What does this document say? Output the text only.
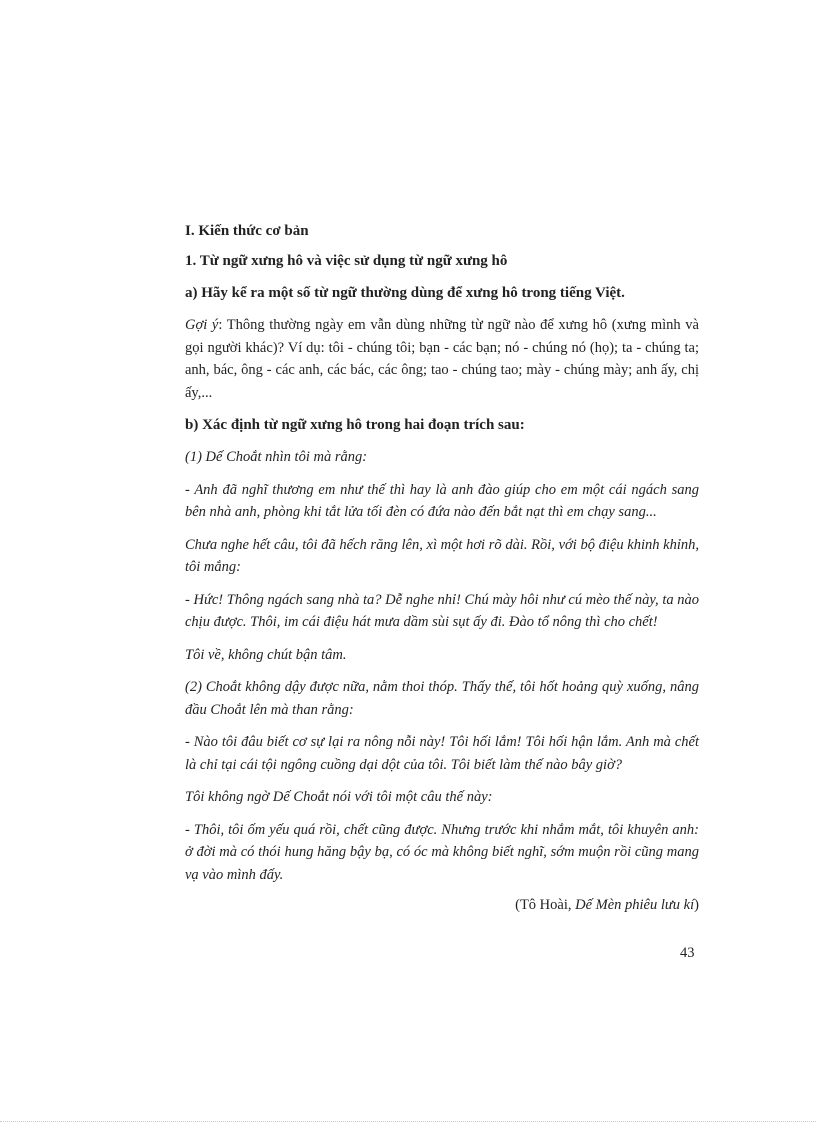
I. Kiến thức cơ bản
1. Từ ngữ xưng hô và việc sử dụng từ ngữ xưng hô
a) Hãy kể ra một số từ ngữ thường dùng để xưng hô trong tiếng Việt.

Gợi ý: Thông thường ngày em vẫn dùng những từ ngữ nào để xưng hô (xưng mình và gọi người khác)? Ví dụ: tôi - chúng tôi; bạn - các bạn; nó - chúng nó (họ); ta - chúng ta; anh, bác, ông - các anh, các bác, các ông; tao - chúng tao; mày - chúng mày; anh ấy, chị ấy,...

b) Xác định từ ngữ xưng hô trong hai đoạn trích sau:

(1) Dế Choắt nhìn tôi mà rằng:

- Anh đã nghĩ thương em như thế thì hay là anh đào giúp cho em một cái ngách sang bên nhà anh, phòng khi tắt lửa tối đèn có đứa nào đến bắt nạt thì em chạy sang...

Chưa nghe hết câu, tôi đã hếch răng lên, xì một hơi rõ dài. Rồi, với bộ điệu khinh khỉnh, tôi mắng:

- Hức! Thông ngách sang nhà ta? Dễ nghe nhỉ! Chú mày hôi như cú mèo thế này, ta nào chịu được. Thôi, im cái điệu hát mưa dầm sùi sụt ấy đi. Đào tổ nông thì cho chết!

Tôi về, không chút bận tâm.

(2) Choắt không dậy được nữa, nằm thoi thóp. Thấy thế, tôi hốt hoảng quỳ xuống, nâng đầu Choắt lên mà than rằng:

- Nào tôi đâu biết cơ sự lại ra nông nỗi này! Tôi hối lắm! Tôi hối hận lắm. Anh mà chết là chỉ tại cái tội ngông cuồng dại dột của tôi. Tôi biết làm thế nào bây giờ?

Tôi không ngờ Dế Choắt nói với tôi một câu thế này:

- Thôi, tôi ốm yếu quá rồi, chết cũng được. Nhưng trước khi nhắm mắt, tôi khuyên anh: ở đời mà có thói hung hăng bậy bạ, có óc mà không biết nghĩ, sớm muộn rồi cũng mang vạ vào mình đấy.

(Tô Hoài, Dế Mèn phiêu lưu kí)
43
